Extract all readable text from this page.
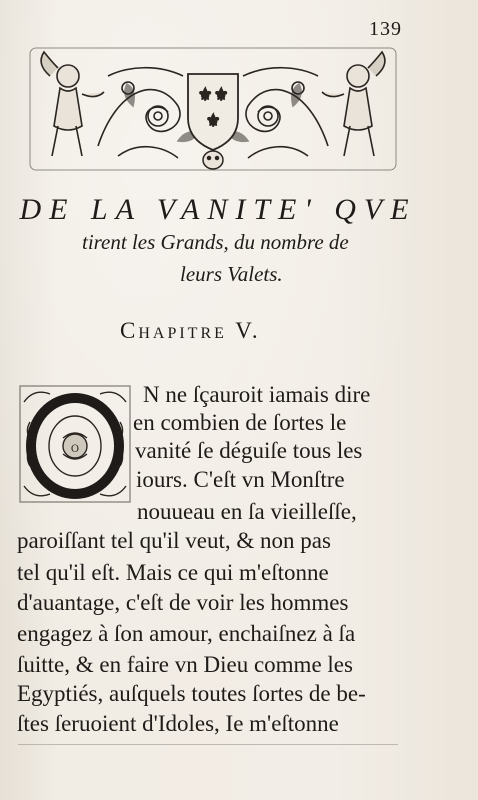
139
⚜ ⚜
⚜
DE LA VANITE' QVE
tirent les Grands, du nombre de
leurs Valets.
Chapitre V.
O
N ne ſçauroit iamais dire
en combien de ſortes le
vanité ſe déguiſe tous les
iours. C'eſt vn Monſtre
nouueau en ſa vieilleſſe,
paroiſſant tel qu'il veut, & non pas
tel qu'il eſt. Mais ce qui m'eſtonne
d'auantage, c'eſt de voir les hommes
engagez à ſon amour, enchaiſnez à ſa
ſuitte, & en faire vn Dieu comme les
Egyptiés, auſquels toutes ſortes de be-
ſtes ſeruoient d'Idoles, Ie m'eſtonne
